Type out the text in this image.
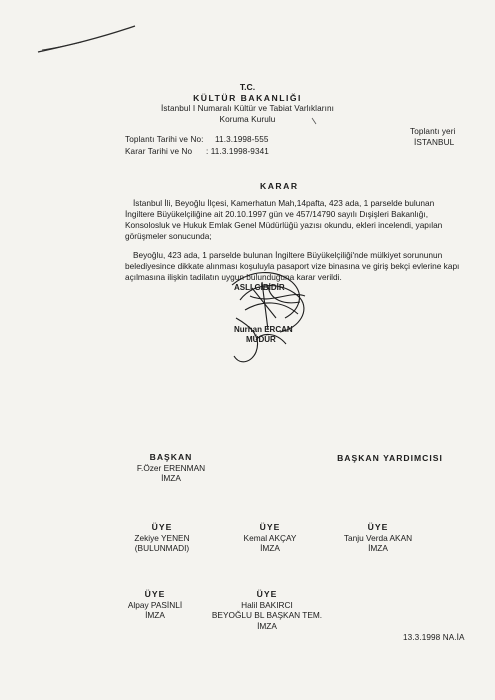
T.C.
KÜLTÜR BAKANLIĞI
İstanbul I Numaralı Kültür ve Tabiat Varlıklarını
Koruma Kurulu
Toplantı Tarihi ve No: 11.3.1998-555
Karar Tarihi ve No : 11.3.1998-9341
Toplantı yeri
İSTANBUL
KARAR
İstanbul İli, Beyoğlu İlçesi, Kamerhatun Mah,14pafta, 423 ada, 1 parselde bulunan
İngiltere Büyükelçiliğine ait 20.10.1997 gün ve 457/14790 sayılı Dışişleri Bakanlığı,
Konsolosluk ve Hukuk Emlak Genel Müdürlüğü yazısı okundu, ekleri incelendi, yapılan
görüşmeler sonucunda;
Beyoğlu, 423 ada, 1 parselde bulunan İngiltere Büyükelçiliği'nde mülkiyet sorununun
belediyesince dikkate alınması koşuluyla pasaport vize binasına ve giriş bekçi evlerine kapı
açılmasına ilişkin tadilatın uygun bulunduğuna karar verildi.
ASLI GİBİDİR
Nurhan ERCAN
MÜDÜR
BAŞKAN
F.Özer ERENMAN
İMZA
BAŞKAN YARDIMCISI
ÜYE
Zekiye YENEN
(BULUNMADI)
ÜYE
Kemal AKÇAY
İMZA
ÜYE
Tanju Verda AKAN
İMZA
ÜYE
Alpay PASİNLİ
İMZA
ÜYE
Halil BAKIRCI
BEYOĞLU BL BAŞKAN TEM.
İMZA
13.3.1998 NA.İA
